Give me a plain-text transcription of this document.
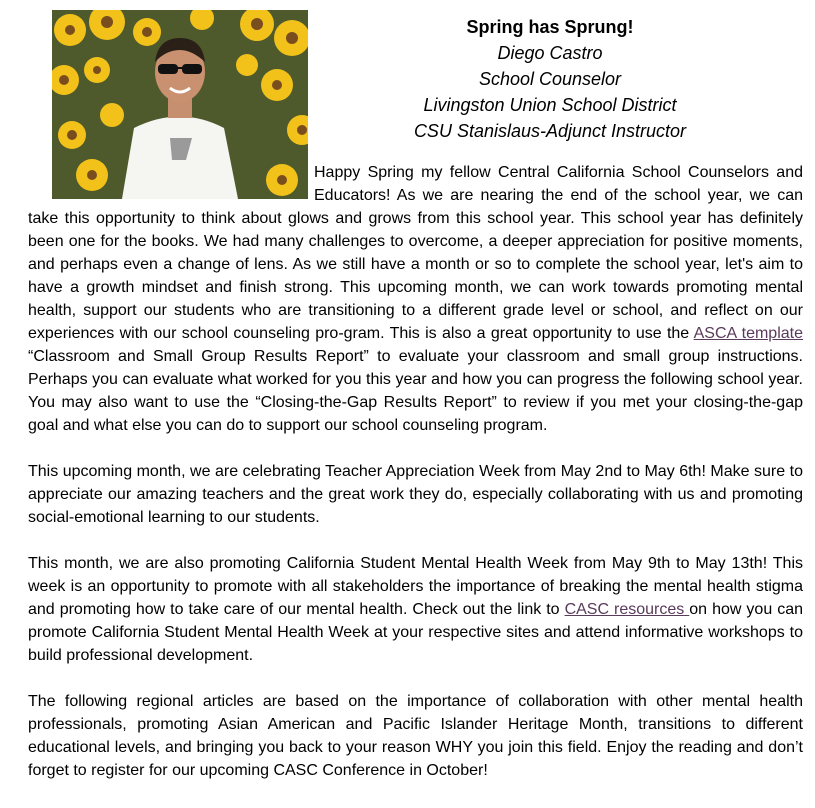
Spring has Sprung!
Diego Castro
School Counselor
Livingston Union School District
CSU Stanislaus-Adjunct Instructor

Happy Spring my fellow Central California School Counselors and Educators! As we are nearing the end of the school year, we can take this opportunity to think about glows and grows from this school year. This school year has definitely been one for the books. We had many challenges to overcome, a deeper appreciation for positive moments, and perhaps even a change of lens. As we still have a month or so to complete the school year, let's aim to have a growth mindset and finish strong. This upcoming month, we can work towards promoting mental health, support our students who are transitioning to a different grade level or school, and reflect on our experiences with our school counseling pro-gram. This is also a great opportunity to use the ASCA template “Classroom and Small Group Results Report” to evaluate your classroom and small group instructions. Perhaps you can evaluate what worked for you this year and how you can progress the following school year. You may also want to use the “Closing-the-Gap Results Report” to review if you met your closing-the-gap goal and what else you can do to support our school counseling program.

This upcoming month, we are celebrating Teacher Appreciation Week from May 2nd to May 6th! Make sure to appreciate our amazing teachers and the great work they do, especially collaborating with us and promoting social-emotional learning to our students.

This month, we are also promoting California Student Mental Health Week from May 9th to May 13th! This week is an opportunity to promote with all stakeholders the importance of breaking the mental health stigma and promoting how to take care of our mental health. Check out the link to CASC resources on how you can promote California Student Mental Health Week at your respective sites and attend informative workshops to build professional development.

The following regional articles are based on the importance of collaboration with other mental health professionals, promoting Asian American and Pacific Islander Heritage Month, transitions to different educational levels, and bringing you back to your reason WHY you join this field. Enjoy the reading and don’t forget to register for our upcoming CASC Conference in October!
